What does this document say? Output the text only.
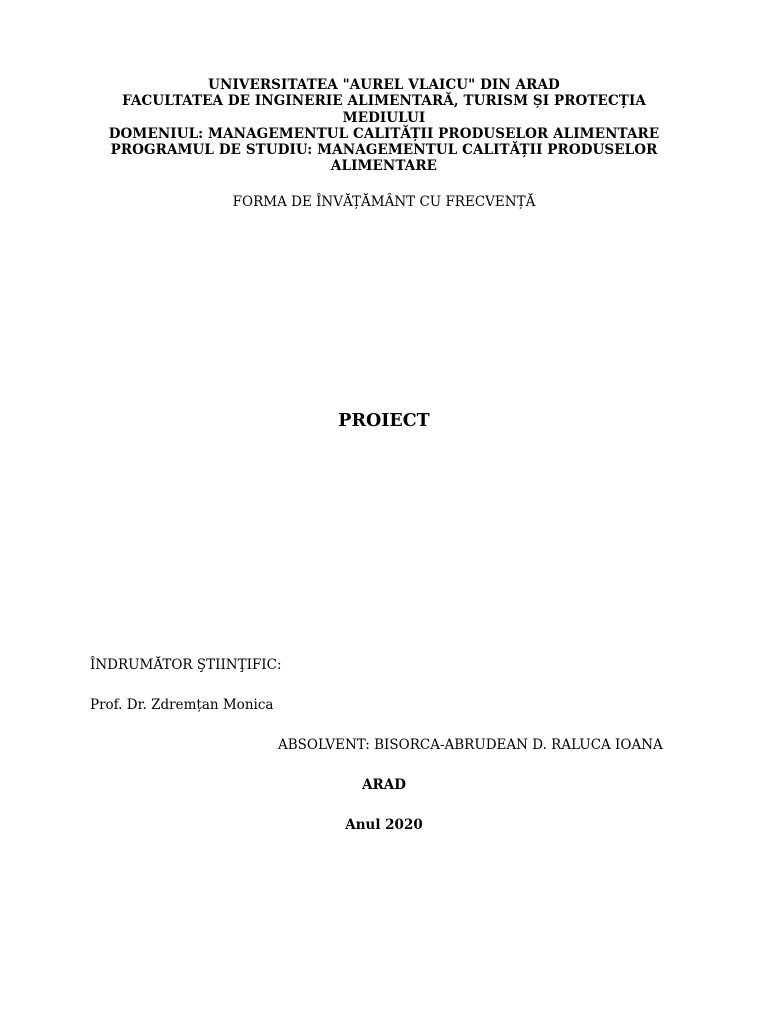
UNIVERSITATEA "AUREL VLAICU" DIN ARAD
FACULTATEA DE INGINERIE ALIMENTARĂ, TURISM ȘI PROTECȚIA MEDIULUI
DOMENIUL: MANAGEMENTUL CALITĂȚII PRODUSELOR ALIMENTARE
PROGRAMUL DE STUDIU: MANAGEMENTUL CALITĂȚII PRODUSELOR ALIMENTARE
FORMA DE ÎNVĂȚĂMÂNT CU FRECVENȚĂ
PROIECT
ÎNDRUMĂTOR ŞTIINŢIFIC:
Prof. Dr. Zdremțan Monica
ABSOLVENT: BISORCA-ABRUDEAN D. RALUCA IOANA
ARAD
Anul 2020
